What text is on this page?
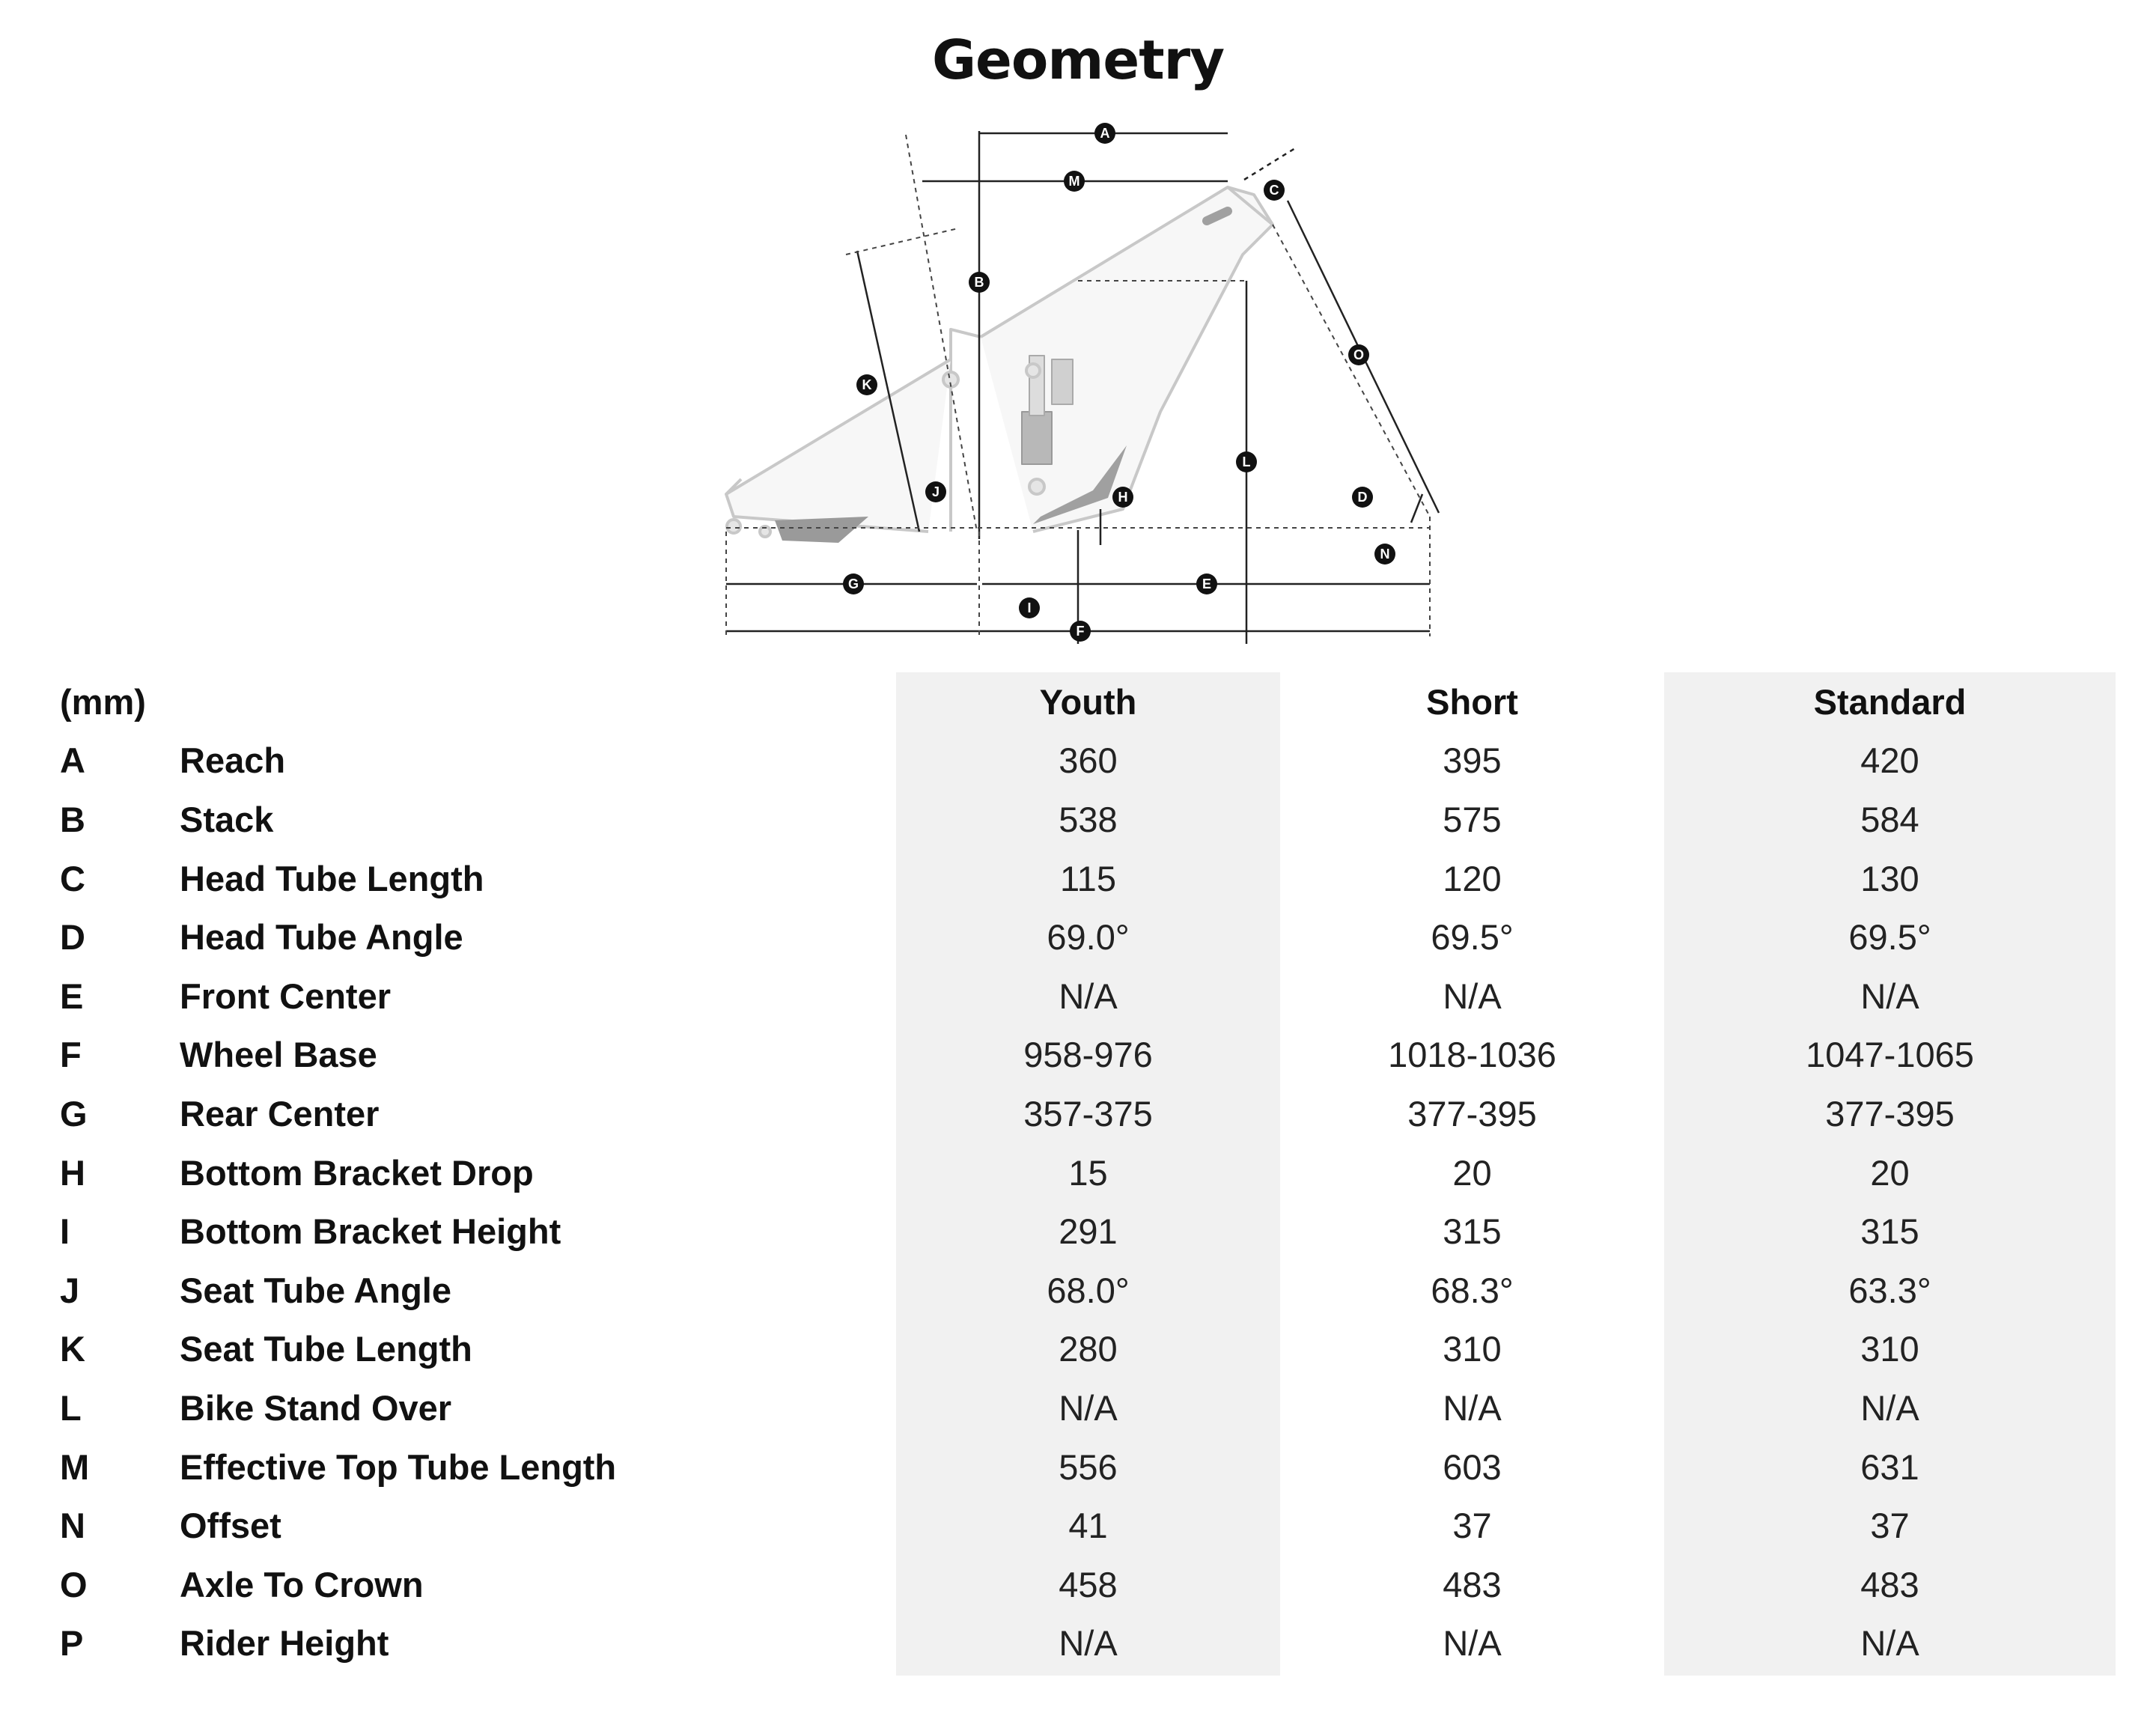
Geometry
A
M
C
B
K
O
L
J	H	D
N
G	E
I
F
(mm)		Youth	Short	Standard
A	Reach	360	395	420
B	Stack	538	575	584
C	Head Tube Length	115	120	130
D	Head Tube Angle	69.0°	69.5°	69.5°
E	Front Center	N/A	N/A	N/A
F	Wheel Base	958-976	1018-1036	1047-1065
G	Rear Center	357-375	377-395	377-395
H	Bottom Bracket Drop	15	20	20
I	Bottom Bracket Height	291	315	315
J	Seat Tube Angle	68.0°	68.3°	63.3°
K	Seat Tube Length	280	310	310
L	Bike Stand Over	N/A	N/A	N/A
M	Effective Top Tube Length	556	603	631
N	Offset	41	37	37
O	Axle To Crown	458	483	483
P	Rider Height	N/A	N/A	N/A
